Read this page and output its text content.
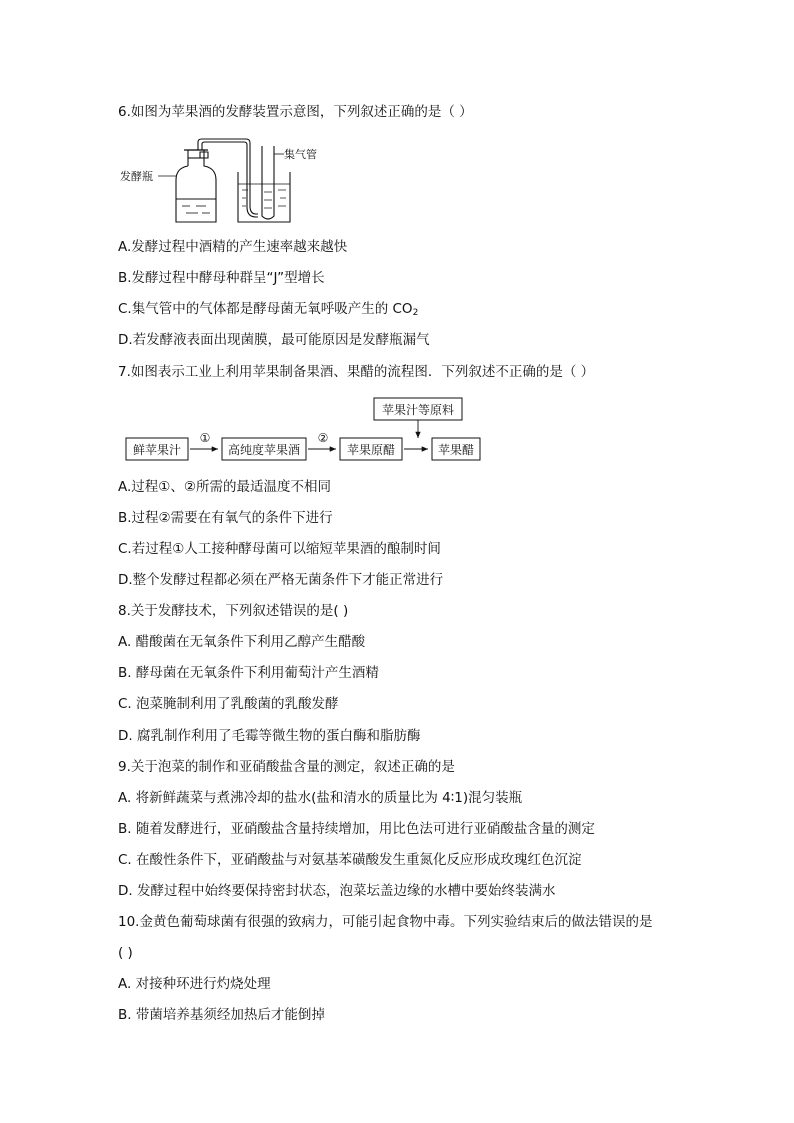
6.如图为苹果酒的发酵装置示意图，下列叙述正确的是（ ）
发酵瓶
集气管
A.发酵过程中酒精的产生速率越来越快
B.发酵过程中酵母种群呈“J”型增长
C.集气管中的气体都是酵母菌无氧呼吸产生的 $CO_2$
D.若发酵液表面出现菌膜，最可能原因是发酵瓶漏气
7.如图表示工业上利用苹果制备果酒、果醋的流程图．下列叙述不正确的是（ ）
苹果汁等原料
鲜苹果汁
①
高纯度苹果酒
②
苹果原醋	苹果醋
A.过程①、②所需的最适温度不相同
B.过程②需要在有氧气的条件下进行
C.若过程①人工接种酵母菌可以缩短苹果酒的酿制时间
D.整个发酵过程都必须在严格无菌条件下才能正常进行
8.关于发酵技术，下列叙述错误的是( )
A. 醋酸菌在无氧条件下利用乙醇产生醋酸
B. 酵母菌在无氧条件下利用葡萄汁产生酒精
C. 泡菜腌制利用了乳酸菌的乳酸发酵
D. 腐乳制作利用了毛霉等微生物的蛋白酶和脂肪酶
9.关于泡菜的制作和亚硝酸盐含量的测定，叙述正确的是
A. 将新鲜蔬菜与煮沸冷却的盐水(盐和清水的质量比为 4∶1)混匀装瓶
B. 随着发酵进行，亚硝酸盐含量持续增加，用比色法可进行亚硝酸盐含量的测定
C. 在酸性条件下，亚硝酸盐与对氨基苯磺酸发生重氮化反应形成玫瑰红色沉淀
D. 发酵过程中始终要保持密封状态，泡菜坛盖边缘的水槽中要始终装满水
10.金黄色葡萄球菌有很强的致病力，可能引起食物中毒。下列实验结束后的做法错误的是
( )
A. 对接种环进行灼烧处理
B. 带菌培养基须经加热后才能倒掉
